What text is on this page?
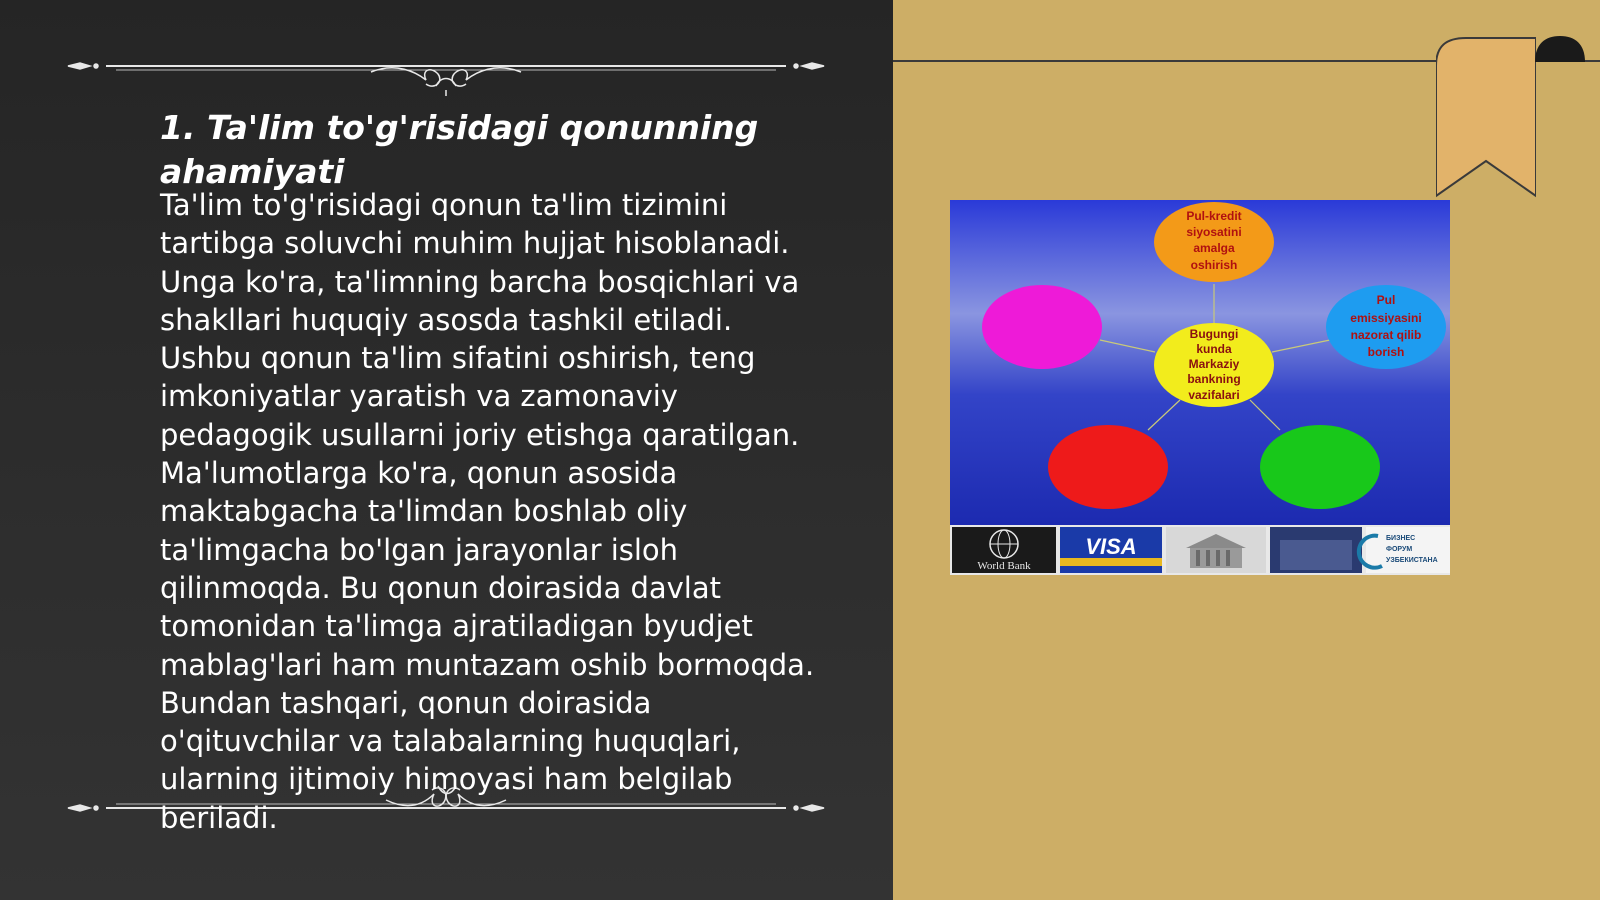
1. Ta'lim to'g'risidagi qonunning ahamiyati

Ta'lim to'g'risidagi qonun ta'lim tizimini tartibga soluvchi muhim hujjat hisoblanadi. Unga ko'ra, ta'limning barcha bosqichlari va shakllari huquqiy asosda tashkil etiladi. Ushbu qonun ta'lim sifatini oshirish, teng imkoniyatlar yaratish va zamonaviy pedagogik usullarni joriy etishga qaratilgan. Ma'lumotlarga ko'ra, qonun asosida maktabgacha ta'limdan boshlab oliy ta'limgacha bo'lgan jarayonlar isloh qilinmoqda. Bu qonun doirasida davlat tomonidan ta'limga ajratiladigan byudjet mablag'lari ham muntazam oshib bormoqda. Bundan tashqari, qonun doirasida o'qituvchilar va talabalarning huquqlari, ularning ijtimoiy himoyasi ham belgilab beriladi.

Pul-kredit
siyosatini
amalga
oshirish
Pul
emissiyasini
nazorat qilib
borish
Bugungi
kunda
Markaziy
bankning
vazifalari
World Bank
VISA	БИЗНЕС
ФОРУМ
УЗБЕКИСТАНА
